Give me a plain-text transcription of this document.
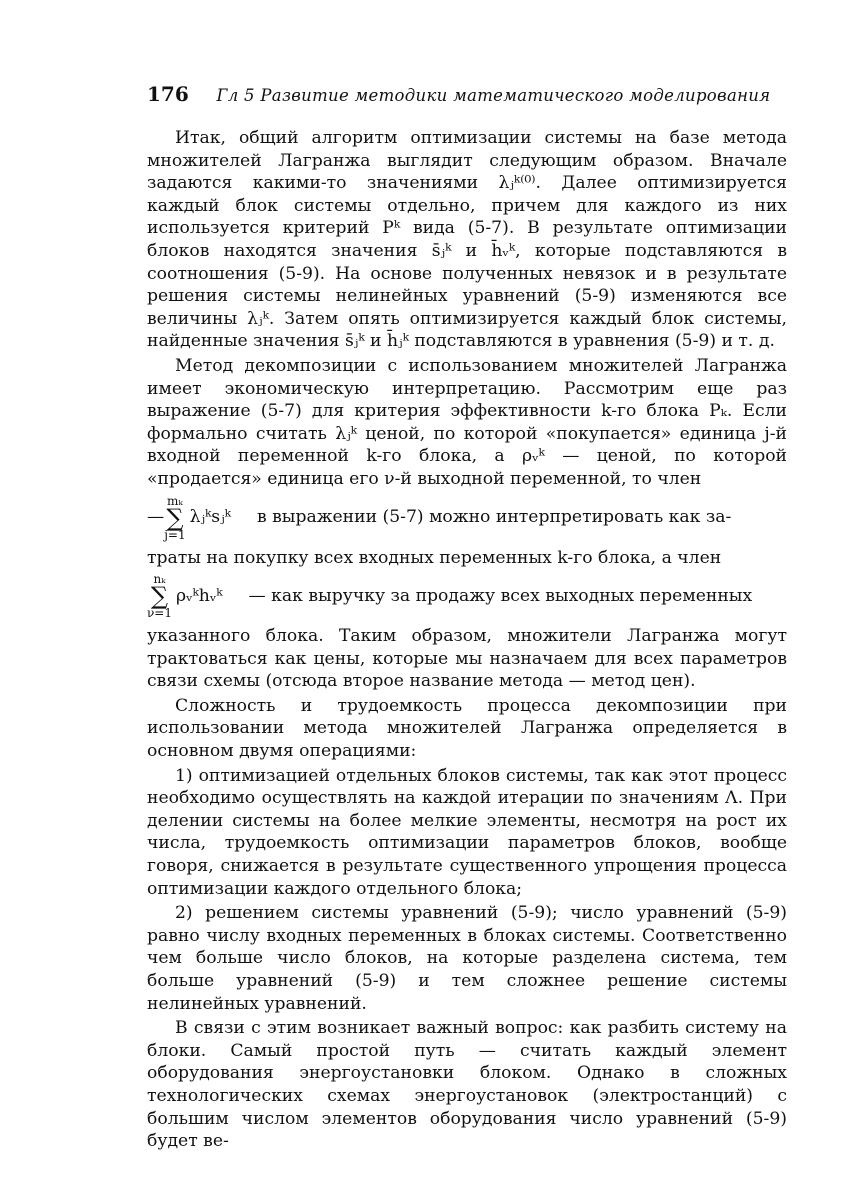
176 Гл 5 Развитие методики математического моделирования

Итак, общий алгоритм оптимизации системы на базе метода множителей Лагранжа выглядит следующим образом. Вначале задаются какими-то значениями λⱼᵏ⁽⁰⁾. Далее оптимизируется каждый блок системы отдельно, причем для каждого из них используется критерий Pᵏ вида (5-7). В результате оптимизации блоков находятся значения s̄ⱼᵏ и h̄ᵥᵏ, которые подставляются в соотношения (5-9). На основе полученных невязок и в результате решения системы нелинейных уравнений (5-9) изменяются все величины λⱼᵏ. Затем опять оптимизируется каждый блок системы, найденные значения s̄ⱼᵏ и h̄ⱼᵏ подставляются в уравнения (5-9) и т. д.

Метод декомпозиции с использованием множителей Лагранжа имеет экономическую интерпретацию. Рассмотрим еще раз выражение (5-7) для критерия эффективности k-го блока Pₖ. Если формально считать λⱼᵏ ценой, по которой «покупается» единица j-й входной переменной k-го блока, а ρᵥᵏ — ценой, по которой «продается» единица его ν-й выходной переменной, то член

—
mₖ
∑
j=1
λⱼᵏsⱼᵏ в выражении (5-7) можно интерпретировать как за-

траты на покупку всех входных переменных k-го блока, а член

nₖ
∑
ν=1
ρᵥᵏhᵥᵏ — как выручку за продажу всех выходных переменных

указанного блока. Таким образом, множители Лагранжа могут трактоваться как цены, которые мы назначаем для всех параметров связи схемы (отсюда второе название метода — метод цен).

Сложность и трудоемкость процесса декомпозиции при использовании метода множителей Лагранжа определяется в основном двумя операциями:

1) оптимизацией отдельных блоков системы, так как этот процесс необходимо осуществлять на каждой итерации по значениям Λ. При делении системы на более мелкие элементы, несмотря на рост их числа, трудоемкость оптимизации параметров блоков, вообще говоря, снижается в результате существенного упрощения процесса оптимизации каждого отдельного блока;

2) решением системы уравнений (5-9); число уравнений (5-9) равно числу входных переменных в блоках системы. Соответственно чем больше число блоков, на которые разделена система, тем больше уравнений (5-9) и тем сложнее решение системы нелинейных уравнений.

В связи с этим возникает важный вопрос: как разбить систему на блоки. Самый простой путь — считать каждый элемент оборудования энергоустановки блоком. Однако в сложных технологических схемах энергоустановок (электростанций) с большим числом элементов оборудования число уравнений (5-9) будет ве-
